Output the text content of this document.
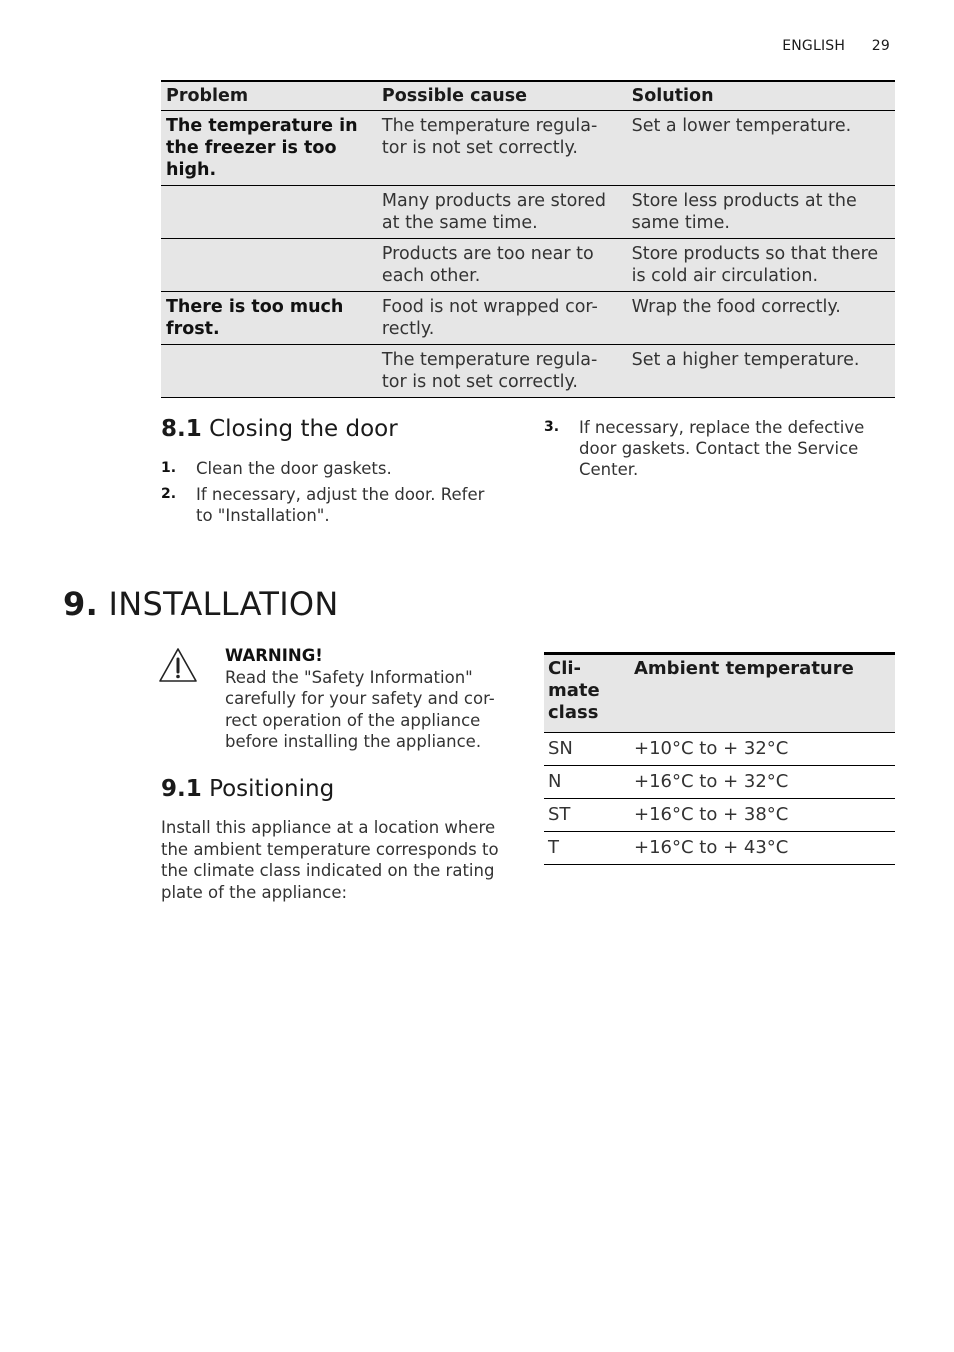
ENGLISH 29
Problem	Possible cause	Solution
The temperature in the freezer is too high.	The temperature regula-tor is not set correctly.	Set a lower temperature.
	Many products are stored at the same time.	Store less products at the same time.
	Products are too near to each other.	Store products so that there is cold air circulation.
There is too much frost.	Food is not wrapped cor-rectly.	Wrap the food correctly.
	The temperature regula-tor is not set correctly.	Set a higher temperature.
8.1 Closing the door
1. Clean the door gaskets.
2. If necessary, adjust the door. Refer to "Installation".
3. If necessary, replace the defective door gaskets. Contact the Service Center.
9. INSTALLATION
WARNING!
Read the "Safety Information" carefully for your safety and cor-rect operation of the appliance before installing the appliance.
9.1 Positioning

Install this appliance at a location where the ambient temperature corresponds to the climate class indicated on the rating plate of the appliance:

Cli-mate class	Ambient temperature
SN	+10°C to + 32°C
N	+16°C to + 32°C
ST	+16°C to + 38°C
T	+16°C to + 43°C
